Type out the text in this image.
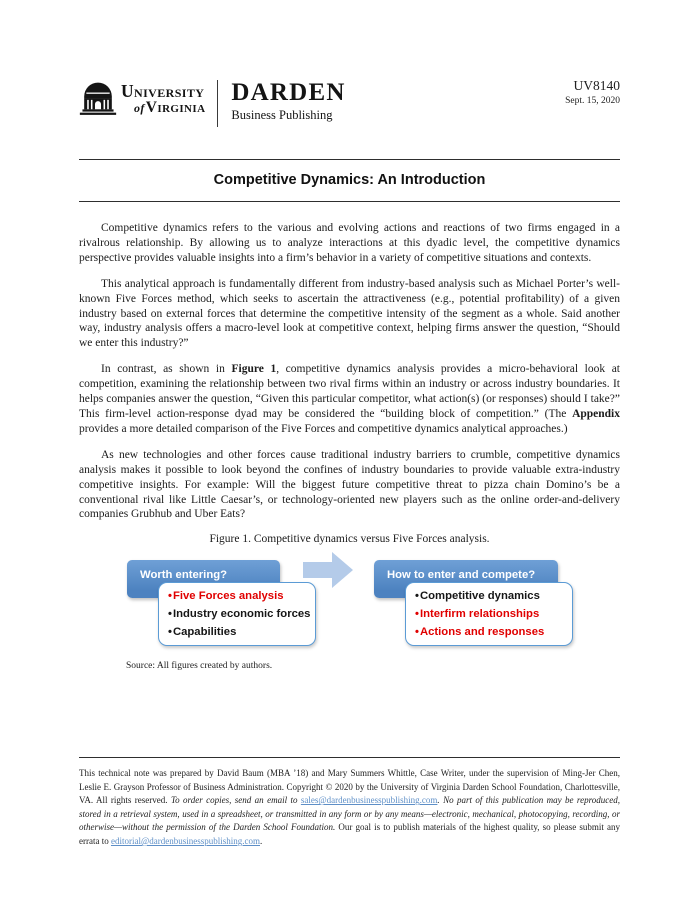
University
ofVirginia
DARDEN
Business Publishing
UV8140
Sept. 15, 2020
Competitive Dynamics: An Introduction

Competitive dynamics refers to the various and evolving actions and reactions of two firms engaged in a rivalrous relationship. By allowing us to analyze interactions at this dyadic level, the competitive dynamics perspective provides valuable insights into a firm’s behavior in a variety of competitive situations and contexts.

This analytical approach is fundamentally different from industry-based analysis such as Michael Porter’s well-known Five Forces method, which seeks to ascertain the attractiveness (e.g., potential profitability) of a given industry based on external forces that determine the competitive intensity of the segment as a whole. Said another way, industry analysis offers a macro-level look at competitive context, helping firms answer the question, “Should we enter this industry?”

In contrast, as shown in Figure 1, competitive dynamics analysis provides a micro-behavioral look at competition, examining the relationship between two rival firms within an industry or across industry boundaries. It helps companies answer the question, “Given this particular competitor, what action(s) (or responses) should I take?” This firm-level action-response dyad may be considered the “building block of competition.” (The Appendix provides a more detailed comparison of the Five Forces and competitive dynamics analytical approaches.)

As new technologies and other forces cause traditional industry barriers to crumble, competitive dynamics analysis makes it possible to look beyond the confines of industry boundaries to provide valuable extra-industry competitive insights. For example: Will the biggest future competitive threat to pizza chain Domino’s be a conventional rival like Little Caesar’s, or technology-oriented new players such as the online order-and-delivery companies Grubhub and Uber Eats?

Figure 1. Competitive dynamics versus Five Forces analysis.
Worth entering?
• Five Forces analysis
• Industry economic forces
• Capabilities
How to enter and compete?
• Competitive dynamics
• Interfirm relationships
• Actions and responses
Source: All figures created by authors.

This technical note was prepared by David Baum (MBA ’18) and Mary Summers Whittle, Case Writer, under the supervision of Ming-Jer Chen, Leslie E. Grayson Professor of Business Administration. Copyright © 2020 by the University of Virginia Darden School Foundation, Charlottesville, VA. All rights reserved. To order copies, send an email to sales@dardenbusinesspublishing.com. No part of this publication may be reproduced, stored in a retrieval system, used in a spreadsheet, or transmitted in any form or by any means—electronic, mechanical, photocopying, recording, or otherwise—without the permission of the Darden School Foundation. Our goal is to publish materials of the highest quality, so please submit any errata to editorial@dardenbusinesspublishing.com.
